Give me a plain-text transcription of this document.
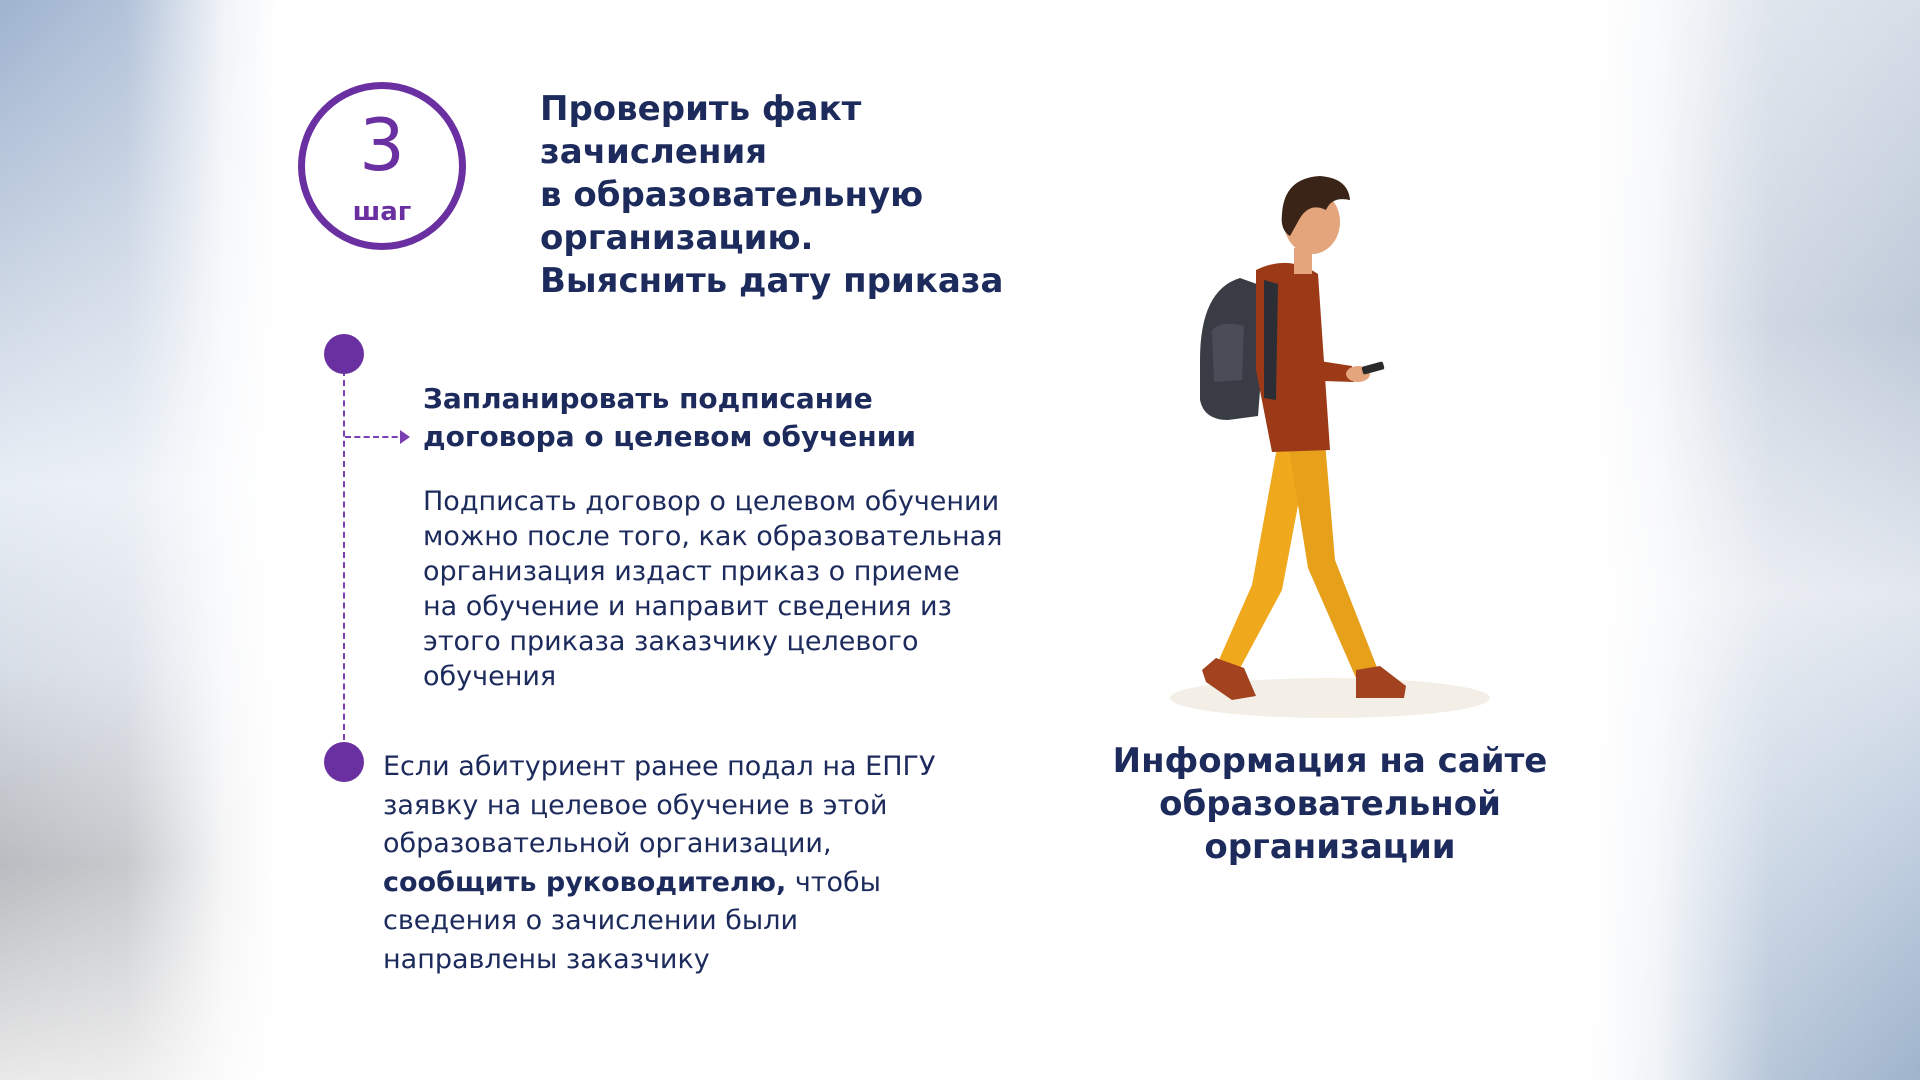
3
шаг
Проверить факт
зачисления
в образовательную
организацию.
Выяснить дату приказа
Запланировать подписание
договора о целевом обучении
Подписать договор о целевом обучении
можно после того, как образовательная
организация издаст приказ о приеме
на обучение и направит сведения из
этого приказа заказчику целевого
обучения
Если абитуриент ранее подал на ЕПГУ
заявку на целевое обучение в этой
образовательной организации,
сообщить руководителю, чтобы
сведения о зачислении были
направлены заказчику
Информация на сайте
образовательной
организации
